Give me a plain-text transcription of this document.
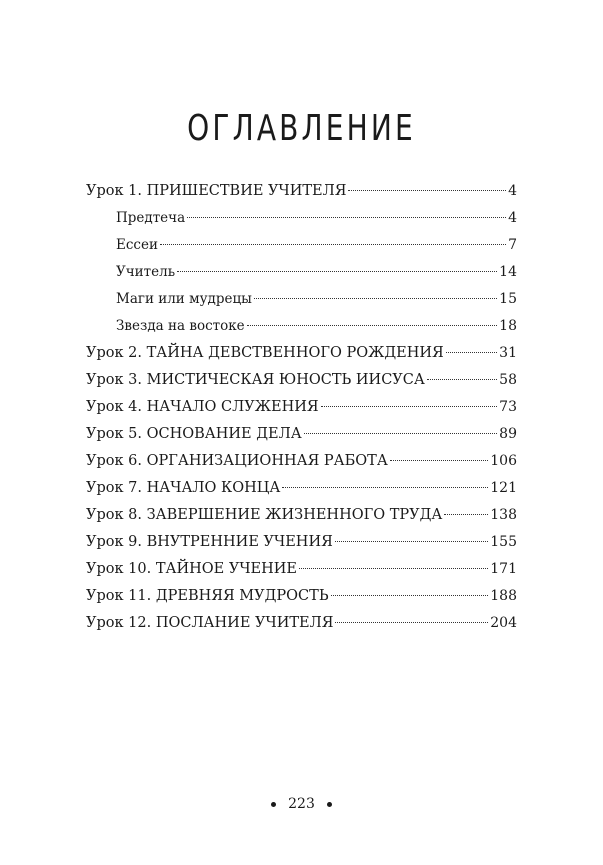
ОГЛАВЛЕНИЕ
Урок 1. ПРИШЕСТВИЕ УЧИТЕЛЯ	4
Предтеча	4
Ессеи	7
Учитель	14
Маги или мудрецы	15
Звезда на востоке	18
Урок 2. ТАЙНА ДЕВСТВЕННОГО РОЖДЕНИЯ	31
Урок 3. МИСТИЧЕСКАЯ ЮНОСТЬ ИИСУСА	58
Урок 4. НАЧАЛО СЛУЖЕНИЯ	73
Урок 5. ОСНОВАНИЕ ДЕЛА	89
Урок 6. ОРГАНИЗАЦИОННАЯ РАБОТА	106
Урок 7. НАЧАЛО КОНЦА	121
Урок 8. ЗАВЕРШЕНИЕ ЖИЗНЕННОГО ТРУДА	138
Урок 9. ВНУТРЕННИЕ УЧЕНИЯ	155
Урок 10. ТАЙНОЕ УЧЕНИЕ	171
Урок 11. ДРЕВНЯЯ МУДРОСТЬ	188
Урок 12. ПОСЛАНИЕ УЧИТЕЛЯ	204
223
